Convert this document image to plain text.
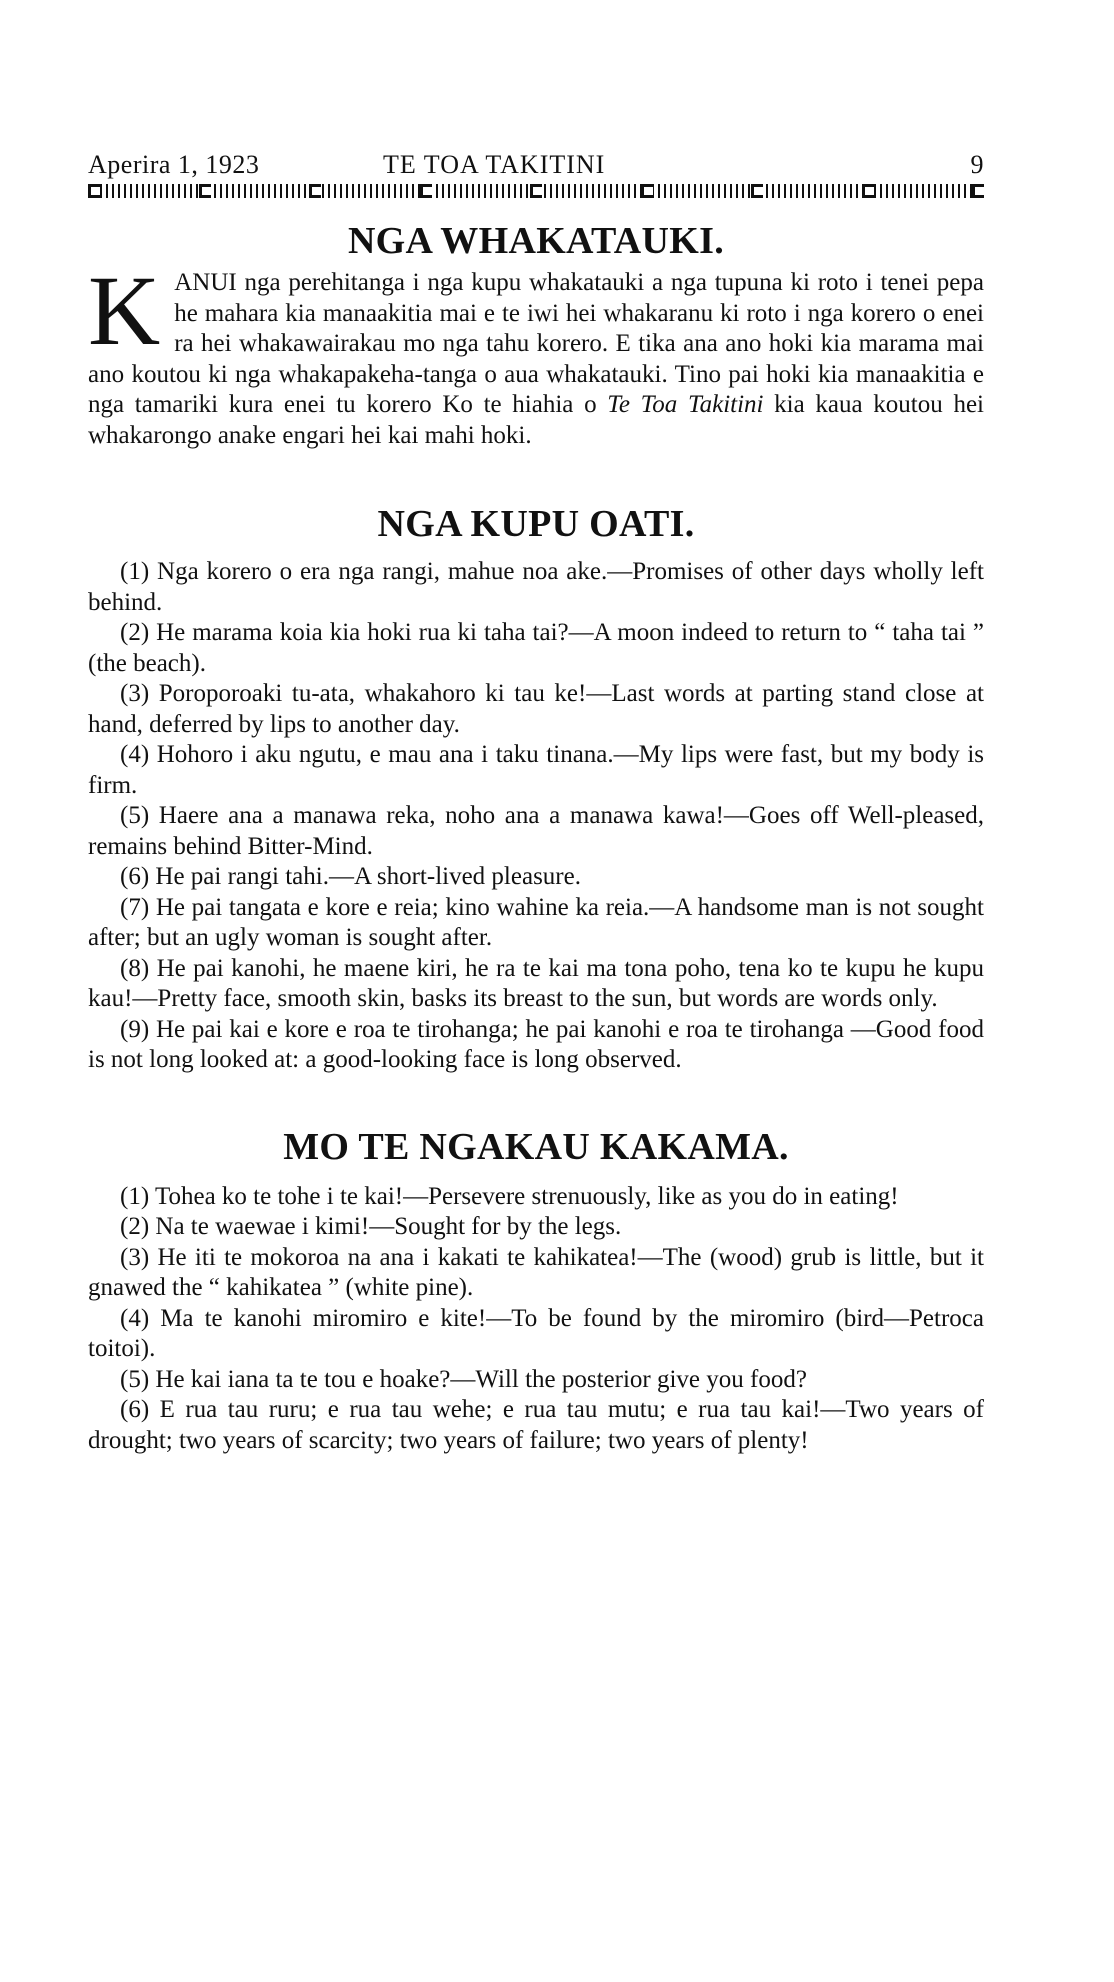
Aperira 1, 1923	TE TOA TAKITINI	9
NGA WHAKATAUKI.

KANUI nga perehitanga i nga kupu whakatauki a nga tupuna ki roto i tenei pepa he mahara kia manaakitia mai e te iwi hei whakaranu ki roto i nga korero o enei ra hei whakawairakau mo nga tahu korero. E tika ana ano hoki kia marama mai ano koutou ki nga whakapakeha-tanga o aua whakatauki. Tino pai hoki kia manaakitia e nga tamariki kura enei tu korero Ko te hiahia o Te Toa Takitini kia kaua koutou hei whakarongo anake engari hei kai mahi hoki.

NGA KUPU OATI.

(1) Nga korero o era nga rangi, mahue noa ake.—Promises of other days wholly left behind.

(2) He marama koia kia hoki rua ki taha tai?—A moon indeed to return to “ taha tai ” (the beach).

(3) Poroporoaki tu-ata, whakahoro ki tau ke!—Last words at parting stand close at hand, deferred by lips to another day.

(4) Hohoro i aku ngutu, e mau ana i taku tinana.—My lips were fast, but my body is firm.

(5) Haere ana a manawa reka, noho ana a manawa kawa!—Goes off Well-pleased, remains behind Bitter-Mind.

(6) He pai rangi tahi.—A short-lived pleasure.

(7) He pai tangata e kore e reia; kino wahine ka reia.—A handsome man is not sought after; but an ugly woman is sought after.

(8) He pai kanohi, he maene kiri, he ra te kai ma tona poho, tena ko te kupu he kupu kau!—Pretty face, smooth skin, basks its breast to the sun, but words are words only.

(9) He pai kai e kore e roa te tirohanga; he pai kanohi e roa te tirohanga —Good food is not long looked at: a good-looking face is long observed.

MO TE NGAKAU KAKAMA.

(1) Tohea ko te tohe i te kai!—Persevere strenuously, like as you do in eating!

(2) Na te waewae i kimi!—Sought for by the legs.

(3) He iti te mokoroa na ana i kakati te kahikatea!—The (wood) grub is little, but it gnawed the “ kahikatea ” (white pine).

(4) Ma te kanohi miromiro e kite!—To be found by the miromiro (bird—Petroca toitoi).

(5) He kai iana ta te tou e hoake?—Will the posterior give you food?

(6) E rua tau ruru; e rua tau wehe; e rua tau mutu; e rua tau kai!—Two years of drought; two years of scarcity; two years of failure; two years of plenty!
